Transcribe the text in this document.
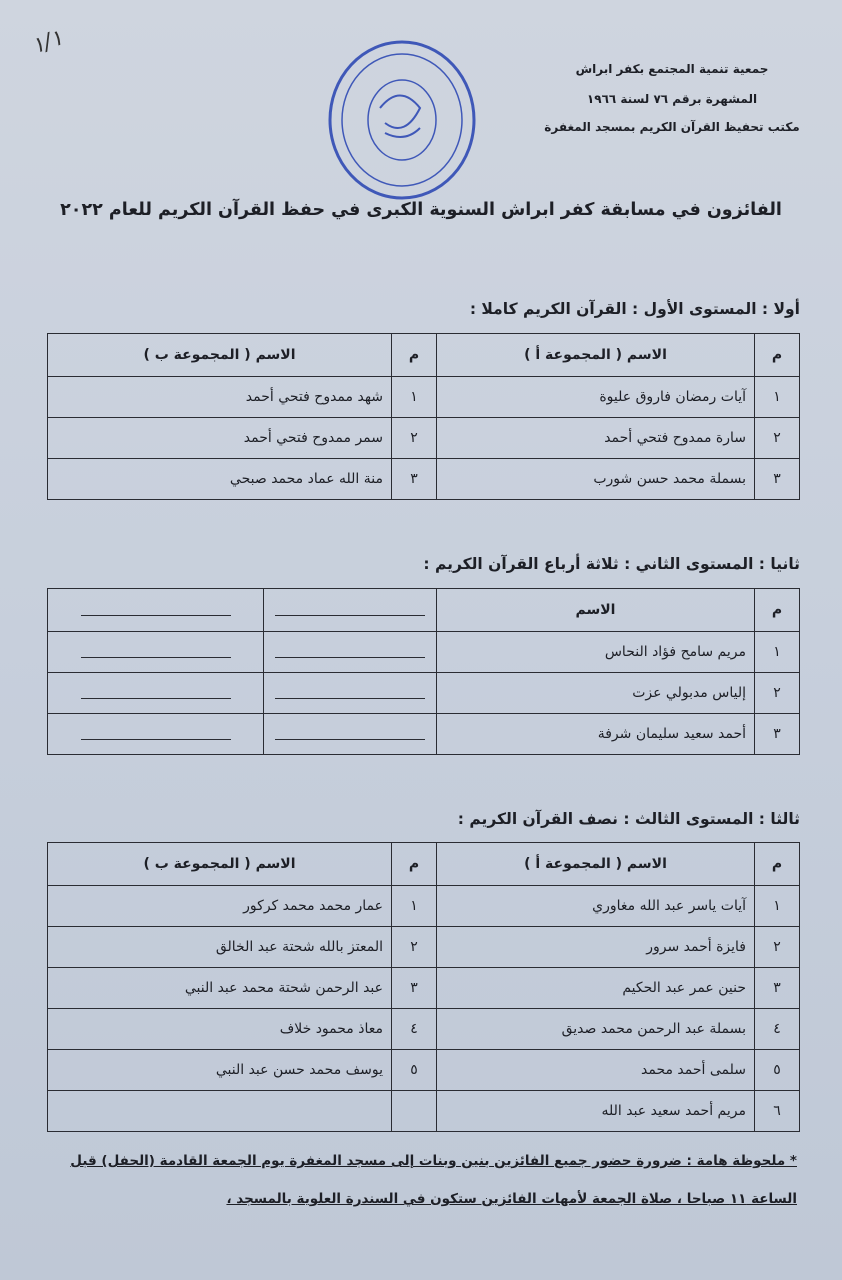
١/١
جمعية تنمية المجتمع بكفر ابراش
المشهرة برقم ٧٦ لسنة ١٩٦٦
مكتب تحفيظ القرآن الكريم بمسجد المغفرة
الفائزون في مسابقة كفر ابراش السنوية الكبرى في حفظ القرآن الكريم للعام ٢٠٢٢
أولا : المستوى الأول : القرآن الكريم كاملا :
م	الاسم ( المجموعة أ )	م	الاسم ( المجموعة ب )
١	آيات رمضان فاروق عليوة	١	شهد ممدوح فتحي أحمد
٢	سارة ممدوح فتحي أحمد	٢	سمر ممدوح فتحي أحمد
٣	بسملة محمد حسن شورب	٣	منة الله عماد محمد صبحي
ثانيا : المستوى الثاني : ثلاثة أرباع القرآن الكريم :
م	الاسم	

١	مريم سامح فؤاد النحاس	

٢	إلياس مدبولي عزت	

٣	أحمد سعيد سليمان شرفة	

ثالثا : المستوى الثالث : نصف القرآن الكريم :
م	الاسم ( المجموعة أ )	م	الاسم ( المجموعة ب )
١	آيات ياسر عبد الله مغاوري	١	عمار محمد محمد كركور
٢	فايزة أحمد سرور	٢	المعتز بالله شحتة عبد الخالق
٣	حنين عمر عبد الحكيم	٣	عبد الرحمن شحتة محمد عبد النبي
٤	بسملة عبد الرحمن محمد صديق	٤	معاذ محمود خلاف
٥	سلمى أحمد محمد	٥	يوسف محمد حسن عبد النبي
٦	مريم أحمد سعيد عبد الله		
* ملحوظة هامة : ضرورة حضور جميع الفائزين بنين وبنات إلى مسجد المغفرة يوم الجمعة القادمة (الحفل) قبل الساعة ١١ صباحا ، صلاة الجمعة لأمهات الفائزين ستكون في السندرة العلوية بالمسجد ،
